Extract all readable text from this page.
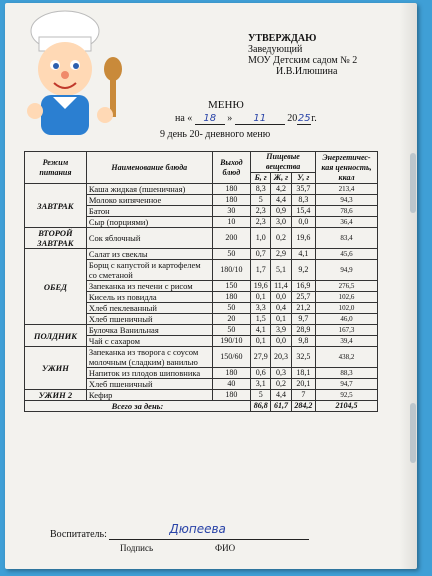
УТВЕРЖДАЮ
Заведующий
МОУ Детским садом № 2
И.В.Илюшина
МЕНЮ
на « 18 » 11 2025г.
9 день 20- дневного меню
Режим питания	Наименование блюда	Выход блюд	Пищевые вещества			Энергетичес-кая ценность, ккал
			Б, г	Ж, г	У, г	
ЗАВТРАК	Каша жидкая (пшеничная)	180	8,3	4,2	35,7	213,4
	Молоко кипяченное	180	5	4,4	8,3	94,3
	Батон	30	2,3	0,9	15,4	78,6
	Сыр (порциями)	10	2,3	3,0	0,0	36,4
ВТОРОЙ ЗАВТРАК	Сок яблочный	200	1,0	0,2	19,6	83,4
ОБЕД	Салат из свеклы	50	0,7	2,9	4,1	45,6
	Борщ с капустой и картофелем со сметаной	180/10	1,7	5,1	9,2	94,9
	Запеканка из печени с рисом	150	19,6	11,4	16,9	276,5
	Кисель из повидла	180	0,1	0,0	25,7	102,6
	Хлеб пеклеванный	50	3,3	0,4	21,2	102,0
	Хлеб пшеничный	20	1,5	0,1	9,7	46,0
ПОЛДНИК	Булочка Ванильная	50	4,1	3,9	28,9	167,3
	Чай с сахаром	190/10	0,1	0,0	9,8	39,4
УЖИН	Запеканка из творога с соусом молочным (сладким) ванилью	150/60	27,9	20,3	32,5	438,2
	Напиток из плодов шиповника	180	0,6	0,3	18,1	88,3
	Хлеб пшеничный	40	3,1	0,2	20,1	94,7
УЖИН 2	Кефир	180	5	4,4	7	92,5
Всего за день:			86,8	61,7	284,2	2104,5
Воспитатель:	Дюпеева
Подпись	ФИО
